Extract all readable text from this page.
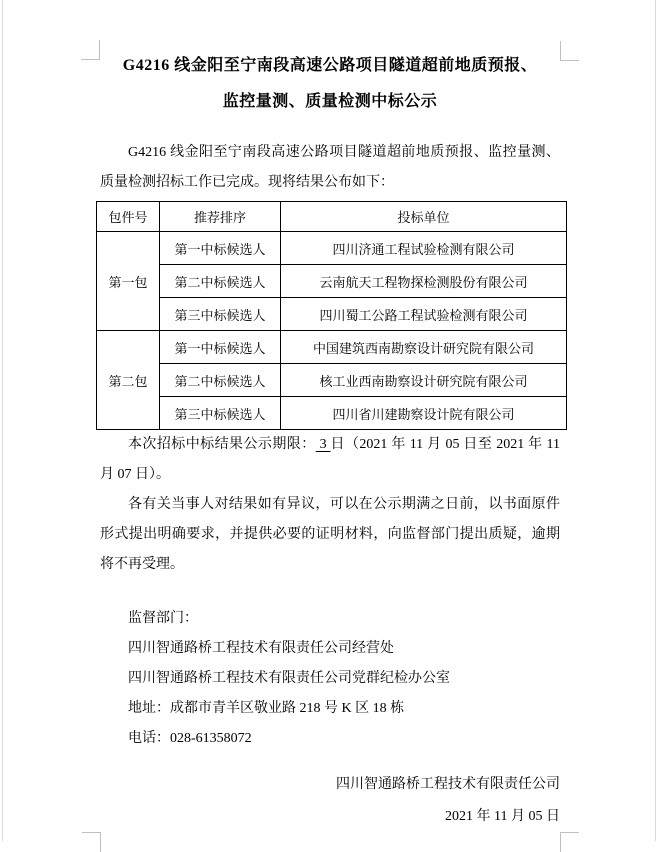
G4216 线金阳至宁南段高速公路项目隧道超前地质预报、
监控量测、质量检测中标公示

G4216 线金阳至宁南段高速公路项目隧道超前地质预报、监控量测、质量检测招标工作已完成。现将结果公布如下：

包件号	推荐排序	投标单位
第一包	第一中标候选人	四川济通工程试验检测有限公司
	第二中标候选人	云南航天工程物探检测股份有限公司
	第三中标候选人	四川蜀工公路工程试验检测有限公司
第二包	第一中标候选人	中国建筑西南勘察设计研究院有限公司
	第二中标候选人	核工业西南勘察设计研究院有限公司
	第三中标候选人	四川省川建勘察设计院有限公司

本次招标中标结果公示期限： 3 日（2021 年 11 月 05 日至 2021 年 11 月 07 日）。

各有关当事人对结果如有异议，可以在公示期满之日前，以书面原件形式提出明确要求，并提供必要的证明材料，向监督部门提出质疑，逾期将不再受理。

监督部门：

四川智通路桥工程技术有限责任公司经营处

四川智通路桥工程技术有限责任公司党群纪检办公室

地址：成都市青羊区敬业路 218 号 K 区 18 栋

电话：028-61358072

四川智通路桥工程技术有限责任公司

2021 年 11 月 05 日
